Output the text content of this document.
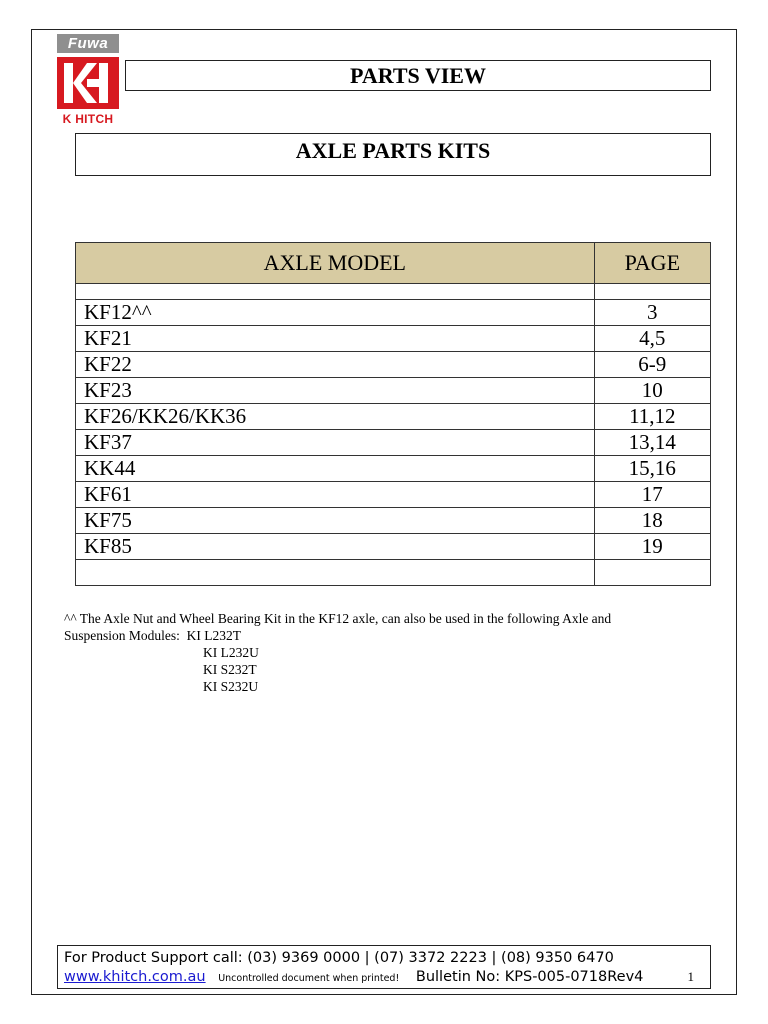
Fuwa
K HITCH
PARTS VIEW
AXLE PARTS KITS
AXLE MODEL	PAGE

KF12^^	3
KF21	4,5
KF22	6-9
KF23	10
KF26/KK26/KK36	11,12
KF37	13,14
KK44	15,16
KF61	17
KF75	18
KF85	19

^^ The Axle Nut and Wheel Bearing Kit in the KF12 axle, can also be used in the following Axle and
Suspension Modules: KI L232T
KI L232U
KI S232T
KI S232U
For Product Support call: (03) 9369 0000 | (07) 3372 2223 | (08) 9350 6470
www.khitch.com.au Uncontrolled document when printed! Bulletin No: KPS-005-0718Rev4	1
